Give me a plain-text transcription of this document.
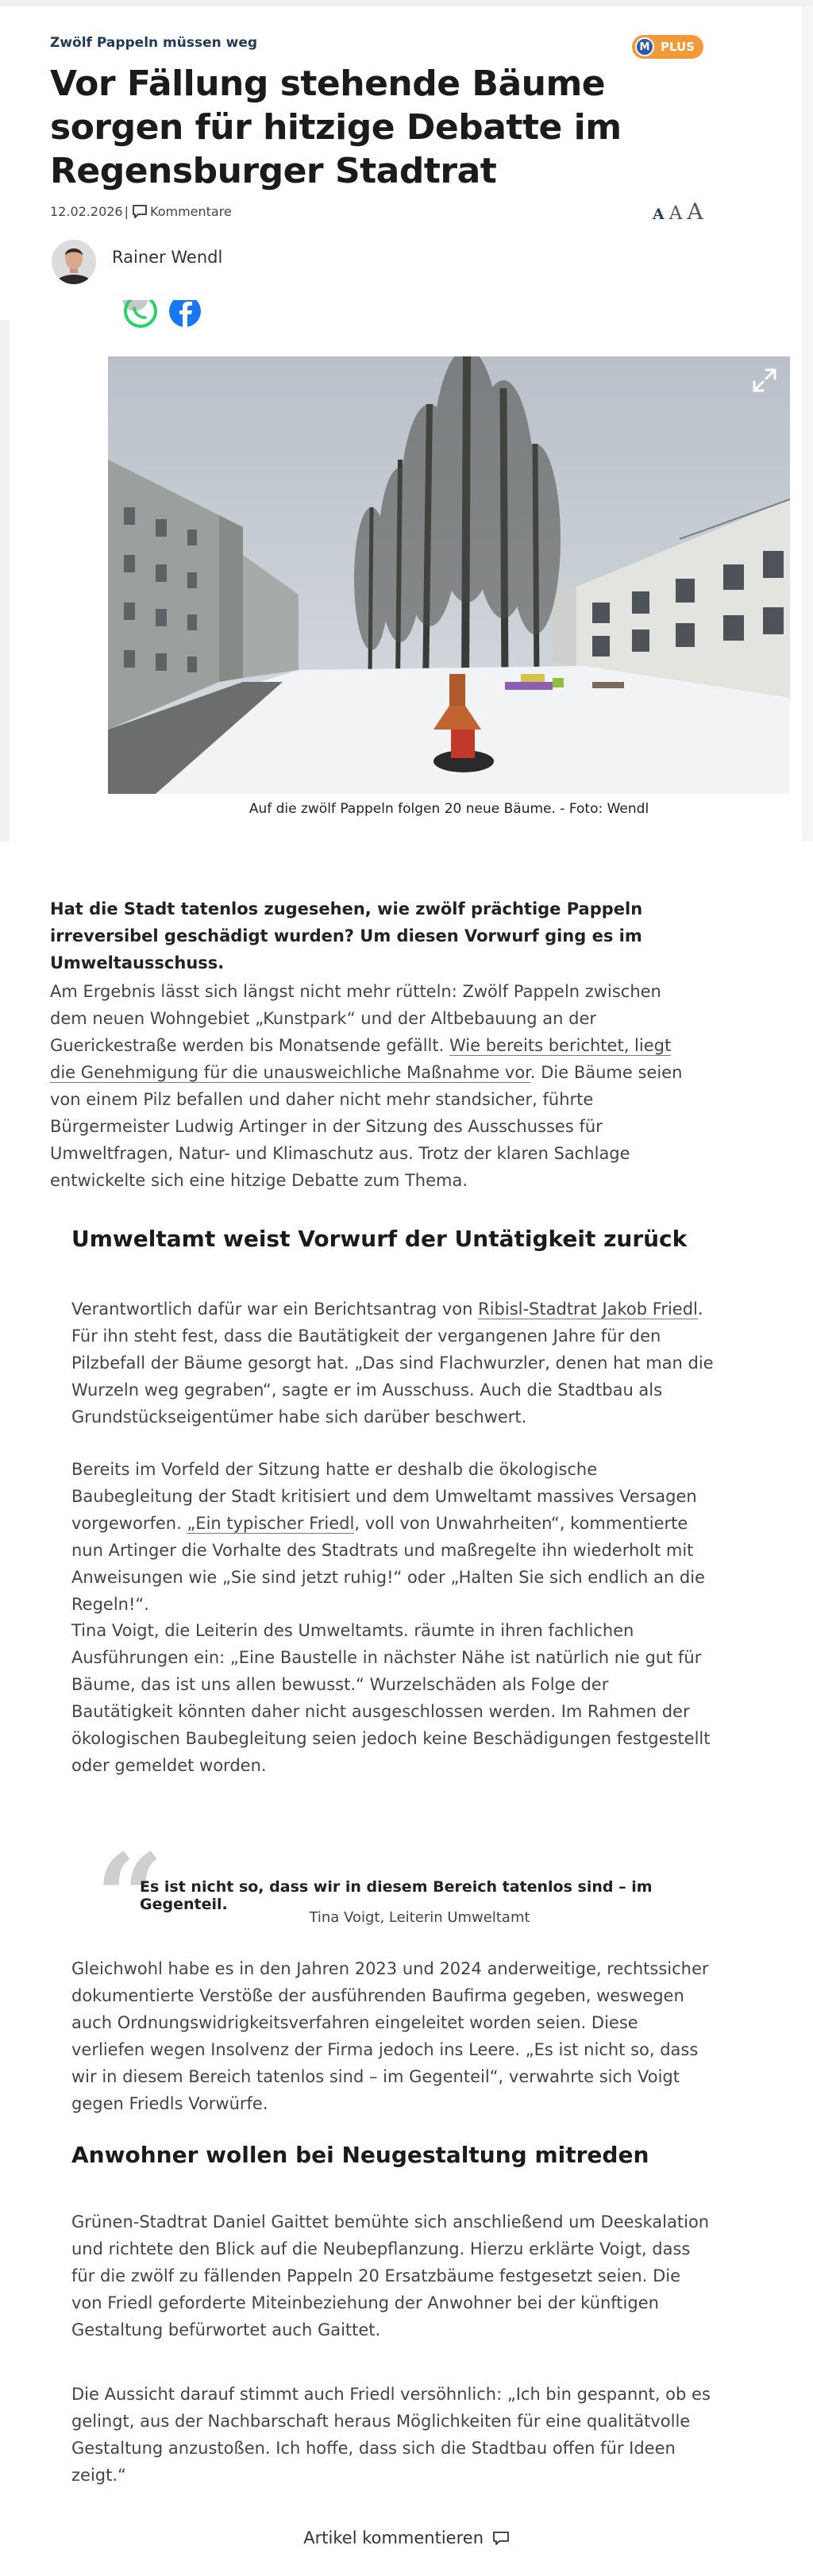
Zwölf Pappeln müssen weg	M PLUS
Vor Fällung stehende Bäume sorgen für hitzige Debatte im Regensburger Stadtrat
12.02.2026 | Kommentare	A A A
Rainer Wendl
Auf die zwölf Pappeln folgen 20 neue Bäume. - Foto: Wendl

Hat die Stadt tatenlos zugesehen, wie zwölf prächtige Pappeln irreversibel geschädigt wurden? Um diesen Vorwurf ging es im Umweltausschuss.

Am Ergebnis lässt sich längst nicht mehr rütteln: Zwölf Pappeln zwischen dem neuen Wohngebiet „Kunstpark“ und der Altbebauung an der Guerickestraße werden bis Monatsende gefällt. Wie bereits berichtet, liegt die Genehmigung für die unausweichliche Maßnahme vor. Die Bäume seien von einem Pilz befallen und daher nicht mehr standsicher, führte Bürgermeister Ludwig Artinger in der Sitzung des Ausschusses für Umweltfragen, Natur- und Klimaschutz aus. Trotz der klaren Sachlage entwickelte sich eine hitzige Debatte zum Thema.

Umweltamt weist Vorwurf der Untätigkeit zurück

Verantwortlich dafür war ein Berichtsantrag von Ribisl-Stadtrat Jakob Friedl. Für ihn steht fest, dass die Bautätigkeit der vergangenen Jahre für den Pilzbefall der Bäume gesorgt hat. „Das sind Flachwurzler, denen hat man die Wurzeln weg gegraben“, sagte er im Ausschuss. Auch die Stadtbau als Grundstückseigentümer habe sich darüber beschwert.

Bereits im Vorfeld der Sitzung hatte er deshalb die ökologische Baubegleitung der Stadt kritisiert und dem Umweltamt massives Versagen vorgeworfen. „Ein typischer Friedl, voll von Unwahrheiten“, kommentierte nun Artinger die Vorhalte des Stadtrats und maßregelte ihn wiederholt mit Anweisungen wie „Sie sind jetzt ruhig!“ oder „Halten Sie sich endlich an die Regeln!“.

Tina Voigt, die Leiterin des Umweltamts. räumte in ihren fachlichen Ausführungen ein: „Eine Baustelle in nächster Nähe ist natürlich nie gut für Bäume, das ist uns allen bewusst.“ Wurzelschäden als Folge der Bautätigkeit könnten daher nicht ausgeschlossen werden. Im Rahmen der ökologischen Baubegleitung seien jedoch keine Beschädigungen festgestellt oder gemeldet worden.

“
Es ist nicht so, dass wir in diesem Bereich tatenlos sind – im Gegenteil.
Tina Voigt, Leiterin Umweltamt

Gleichwohl habe es in den Jahren 2023 und 2024 anderweitige, rechtssicher dokumentierte Verstöße der ausführenden Baufirma gegeben, weswegen auch Ordnungswidrigkeitsverfahren eingeleitet worden seien. Diese verliefen wegen Insolvenz der Firma jedoch ins Leere. „Es ist nicht so, dass wir in diesem Bereich tatenlos sind – im Gegenteil“, verwahrte sich Voigt gegen Friedls Vorwürfe.

Anwohner wollen bei Neugestaltung mitreden

Grünen-Stadtrat Daniel Gaittet bemühte sich anschließend um Deeskalation und richtete den Blick auf die Neubepflanzung. Hierzu erklärte Voigt, dass für die zwölf zu fällenden Pappeln 20 Ersatzbäume festgesetzt seien. Die von Friedl geforderte Miteinbeziehung der Anwohner bei der künftigen Gestaltung befürwortet auch Gaittet.

Die Aussicht darauf stimmt auch Friedl versöhnlich: „Ich bin gespannt, ob es gelingt, aus der Nachbarschaft heraus Möglichkeiten für eine qualitätvolle Gestaltung anzustoßen. Ich hoffe, dass sich die Stadtbau offen für Ideen zeigt.“

Artikel kommentieren
